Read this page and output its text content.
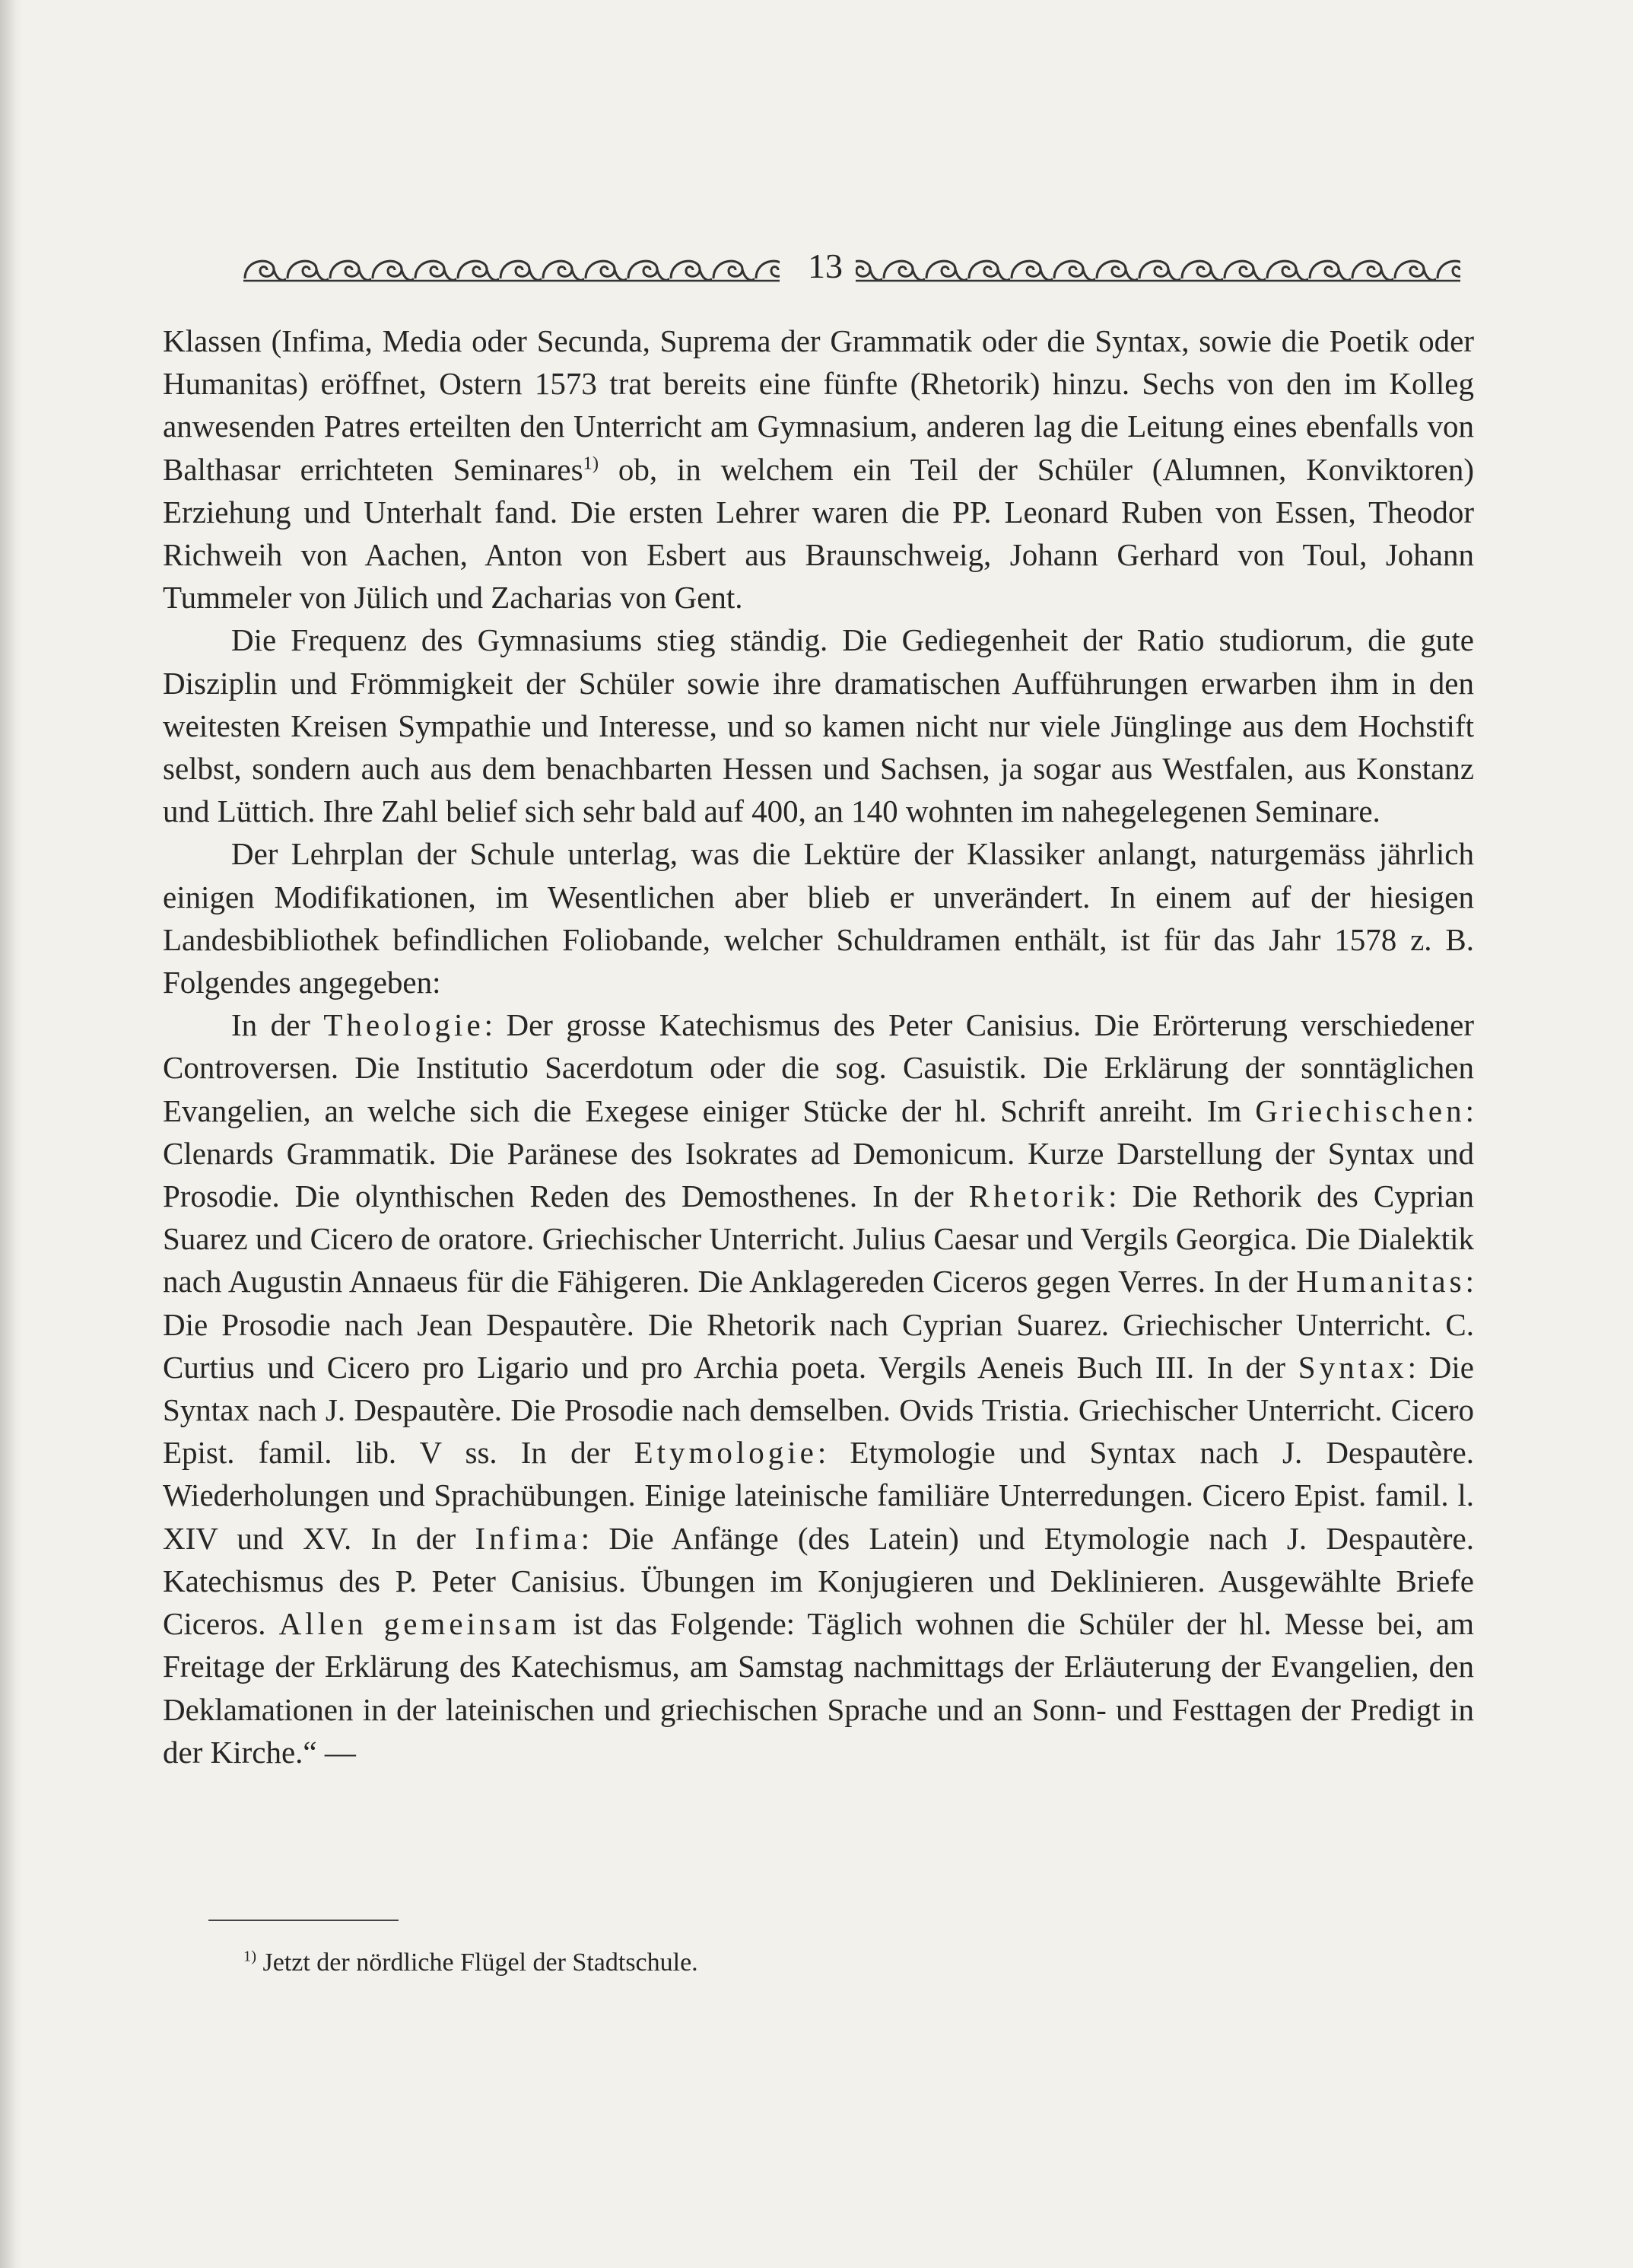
13

Klassen (Infima, Media oder Secunda, Suprema der Grammatik oder die Syntax, sowie die Poetik oder Humanitas) eröffnet, Ostern 1573 trat bereits eine fünfte (Rhetorik) hinzu. Sechs von den im Kolleg anwesenden Patres erteilten den Unterricht am Gymnasium, anderen lag die Leitung eines ebenfalls von Balthasar errichteten Seminares$^{1)}$ ob, in welchem ein Teil der Schüler (Alumnen, Konviktoren) Erziehung und Unterhalt fand. Die ersten Lehrer waren die PP. Leonard Ruben von Essen, Theodor Richweih von Aachen, Anton von Esbert aus Braunschweig, Johann Gerhard von Toul, Johann Tummeler von Jülich und Zacharias von Gent.

Die Frequenz des Gymnasiums stieg ständig. Die Gediegenheit der Ratio studiorum, die gute Disziplin und Frömmigkeit der Schüler sowie ihre dramatischen Aufführungen erwarben ihm in den weitesten Kreisen Sympathie und Interesse, und so kamen nicht nur viele Jünglinge aus dem Hochstift selbst, sondern auch aus dem benachbarten Hessen und Sachsen, ja sogar aus Westfalen, aus Konstanz und Lüttich. Ihre Zahl belief sich sehr bald auf 400, an 140 wohnten im nahegelegenen Seminare.

Der Lehrplan der Schule unterlag, was die Lektüre der Klassiker anlangt, naturgemäss jährlich einigen Modifikationen, im Wesentlichen aber blieb er unverändert. In einem auf der hiesigen Landesbibliothek befindlichen Foliobande, welcher Schuldramen enthält, ist für das Jahr 1578 z. B. Folgendes angegeben:

In der Theologie: Der grosse Katechismus des Peter Canisius. Die Erörterung verschiedener Controversen. Die Institutio Sacerdotum oder die sog. Casuistik. Die Erklärung der sonntäglichen Evangelien, an welche sich die Exegese einiger Stücke der hl. Schrift anreiht. Im Griechischen: Clenards Grammatik. Die Paränese des Isokrates ad Demonicum. Kurze Darstellung der Syntax und Prosodie. Die olynthischen Reden des Demosthenes. In der Rhetorik: Die Rethorik des Cyprian Suarez und Cicero de oratore. Griechischer Unterricht. Julius Caesar und Vergils Georgica. Die Dialektik nach Augustin Annaeus für die Fähigeren. Die Anklagereden Ciceros gegen Verres. In der Humanitas: Die Prosodie nach Jean Despautère. Die Rhetorik nach Cyprian Suarez. Griechischer Unterricht. C. Curtius und Cicero pro Ligario und pro Archia poeta. Vergils Aeneis Buch III. In der Syntax: Die Syntax nach J. Despautère. Die Prosodie nach demselben. Ovids Tristia. Griechischer Unterricht. Cicero Epist. famil. lib. V ss. In der Etymologie: Etymologie und Syntax nach J. Despautère. Wiederholungen und Sprachübungen. Einige lateinische familiäre Unterredungen. Cicero Epist. famil. l. XIV und XV. In der Infima: Die Anfänge (des Latein) und Etymologie nach J. Despautère. Katechismus des P. Peter Canisius. Übungen im Konjugieren und Deklinieren. Ausgewählte Briefe Ciceros. Allen gemeinsam ist das Folgende: Täglich wohnen die Schüler der hl. Messe bei, am Freitage der Erklärung des Katechismus, am Samstag nachmittags der Erläuterung der Evangelien, den Deklamationen in der lateinischen und griechischen Sprache und an Sonn- und Festtagen der Predigt in der Kirche.“ —

$^{1)}$ Jetzt der nördliche Flügel der Stadtschule.
